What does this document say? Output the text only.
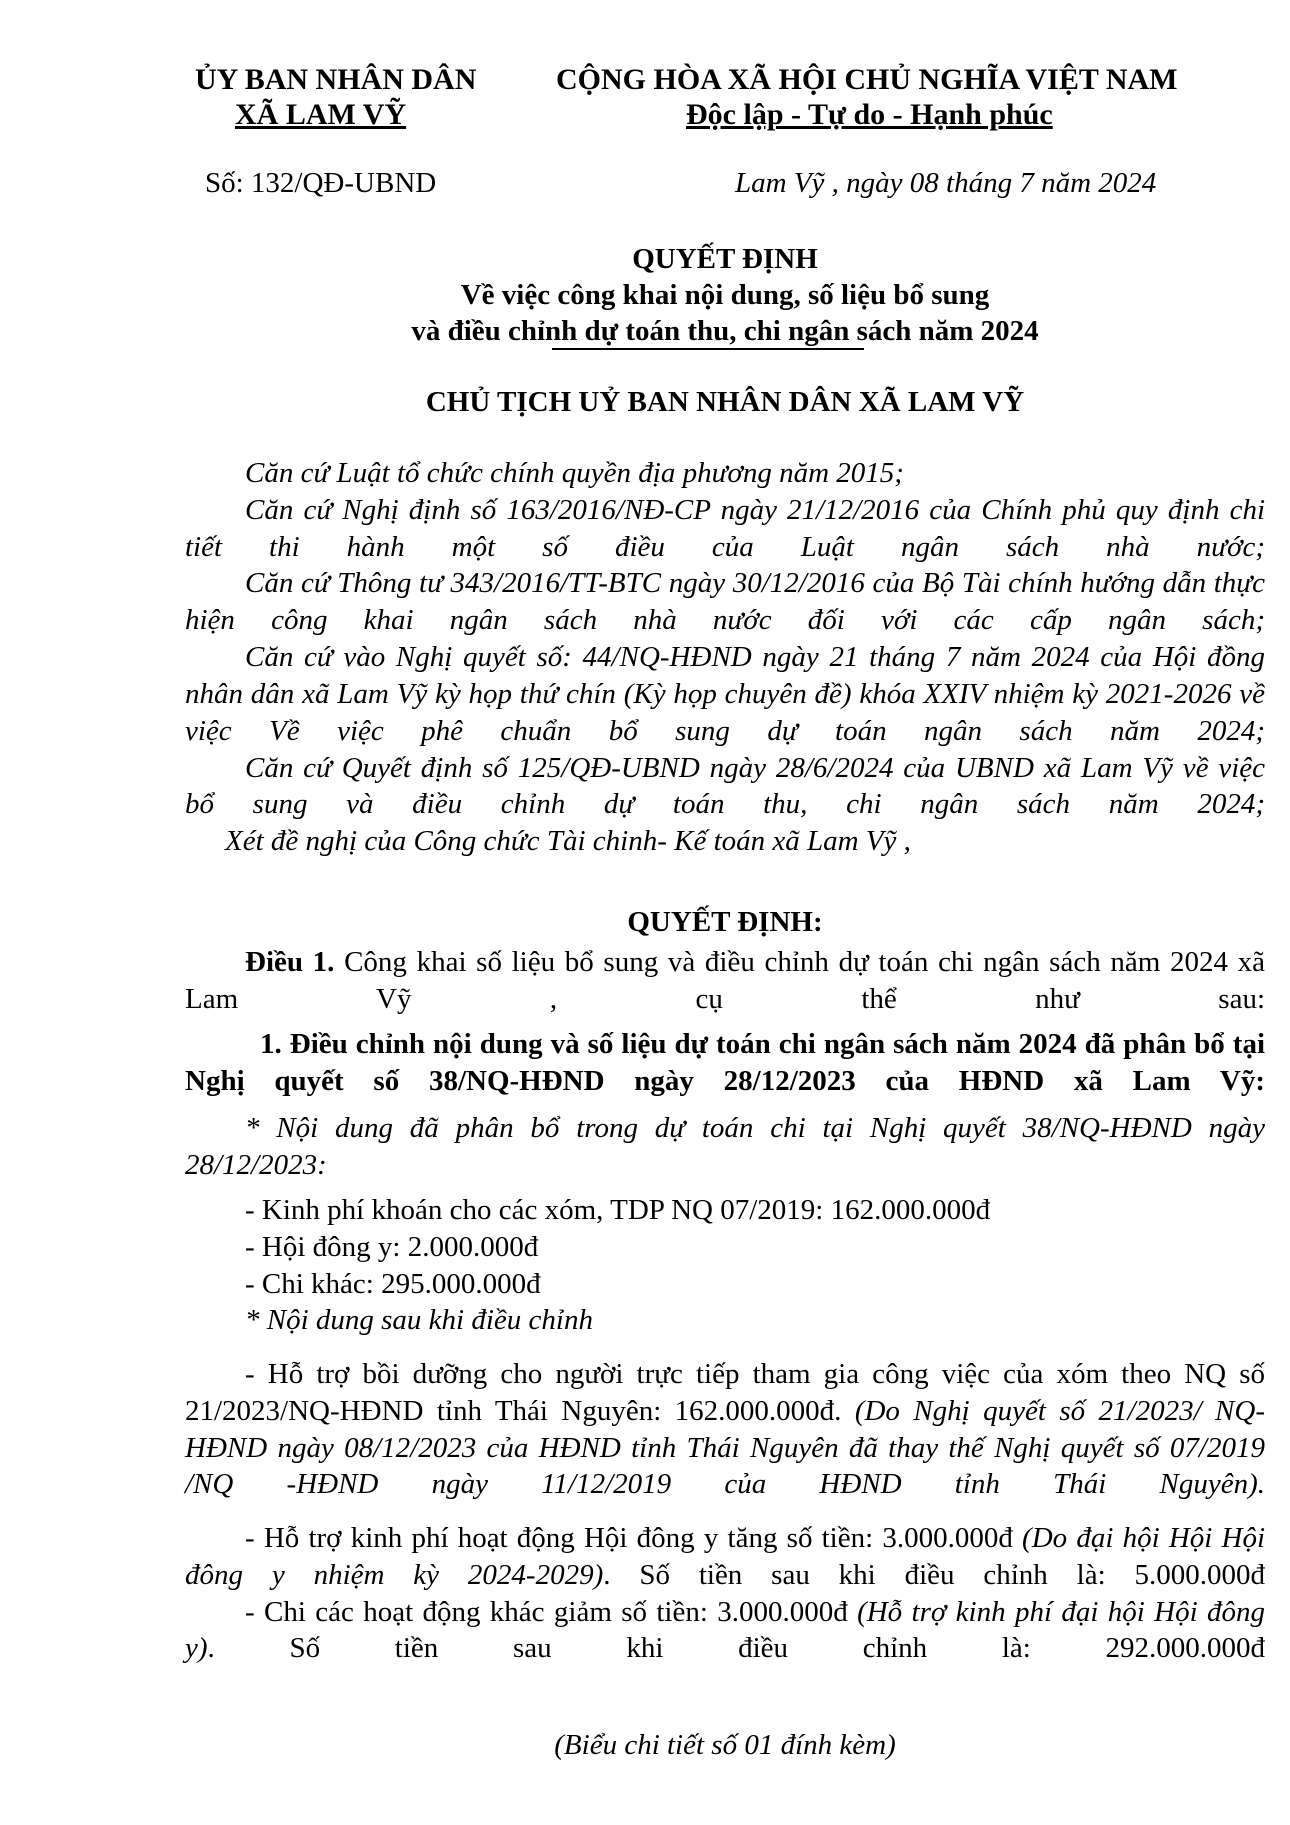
ỦY BAN NHÂN DÂN
XÃ LAM VỸ
CỘNG HÒA XÃ HỘI CHỦ NGHĨA VIỆT NAM
Độc lập - Tự do - Hạnh phúc
Số: 132/QĐ-UBND	Lam Vỹ , ngày 08 tháng 7 năm 2024
QUYẾT ĐỊNH
Về việc công khai nội dung, số liệu bổ sung
và điều chỉnh dự toán thu, chi ngân sách năm 2024
CHỦ TỊCH UỶ BAN NHÂN DÂN XÃ LAM VỸ

Căn cứ Luật tổ chức chính quyền địa phương năm 2015;

Căn cứ Nghị định số 163/2016/NĐ-CP ngày 21/12/2016 của Chính phủ quy định chi tiết thi hành một số điều của Luật ngân sách nhà nước;

Căn cứ Thông tư 343/2016/TT-BTC ngày 30/12/2016 của Bộ Tài chính hướng dẫn thực hiện công khai ngân sách nhà nước đối với các cấp ngân sách;

Căn cứ vào Nghị quyết số: 44/NQ-HĐND ngày 21 tháng 7 năm 2024 của Hội đồng nhân dân xã Lam Vỹ kỳ họp thứ chín (Kỳ họp chuyên đề) khóa XXIV nhiệm kỳ 2021-2026 về việc Về việc phê chuẩn bổ sung dự toán ngân sách năm 2024;

Căn cứ Quyết định số 125/QĐ-UBND ngày 28/6/2024 của UBND xã Lam Vỹ về việc bổ sung và điều chỉnh dự toán thu, chi ngân sách năm 2024;

Xét đề nghị của Công chức Tài chinh- Kế toán xã Lam Vỹ ,

QUYẾT ĐỊNH:

Điều 1. Công khai số liệu bổ sung và điều chỉnh dự toán chi ngân sách năm 2024 xã Lam Vỹ , cụ thể như sau:

1. Điều chỉnh nội dung và số liệu dự toán chi ngân sách năm 2024 đã phân bổ tại Nghị quyết số 38/NQ-HĐND ngày 28/12/2023 của HĐND xã Lam Vỹ:

* Nội dung đã phân bổ trong dự toán chi tại Nghị quyết 38/NQ-HĐND ngày 28/12/2023:

- Kinh phí khoán cho các xóm, TDP NQ 07/2019: 162.000.000đ

- Hội đông y: 2.000.000đ

- Chi khác: 295.000.000đ

* Nội dung sau khi điều chỉnh

- Hỗ trợ bồi dưỡng cho người trực tiếp tham gia công việc của xóm theo NQ số 21/2023/NQ-HĐND tỉnh Thái Nguyên: 162.000.000đ. (Do Nghị quyết số 21/2023/ NQ-HĐND ngày 08/12/2023 của HĐND tỉnh Thái Nguyên đã thay thế Nghị quyết số 07/2019 /NQ -HĐND ngày 11/12/2019 của HĐND tỉnh Thái Nguyên).

- Hỗ trợ kinh phí hoạt động Hội đông y tăng số tiền: 3.000.000đ (Do đại hội Hội Hội đông y nhiệm kỳ 2024-2029). Số tiền sau khi điều chỉnh là: 5.000.000đ

- Chi các hoạt động khác giảm số tiền: 3.000.000đ (Hỗ trợ kinh phí đại hội Hội đông y). Số tiền sau khi điều chỉnh là: 292.000.000đ

(Biểu chi tiết số 01 đính kèm)
